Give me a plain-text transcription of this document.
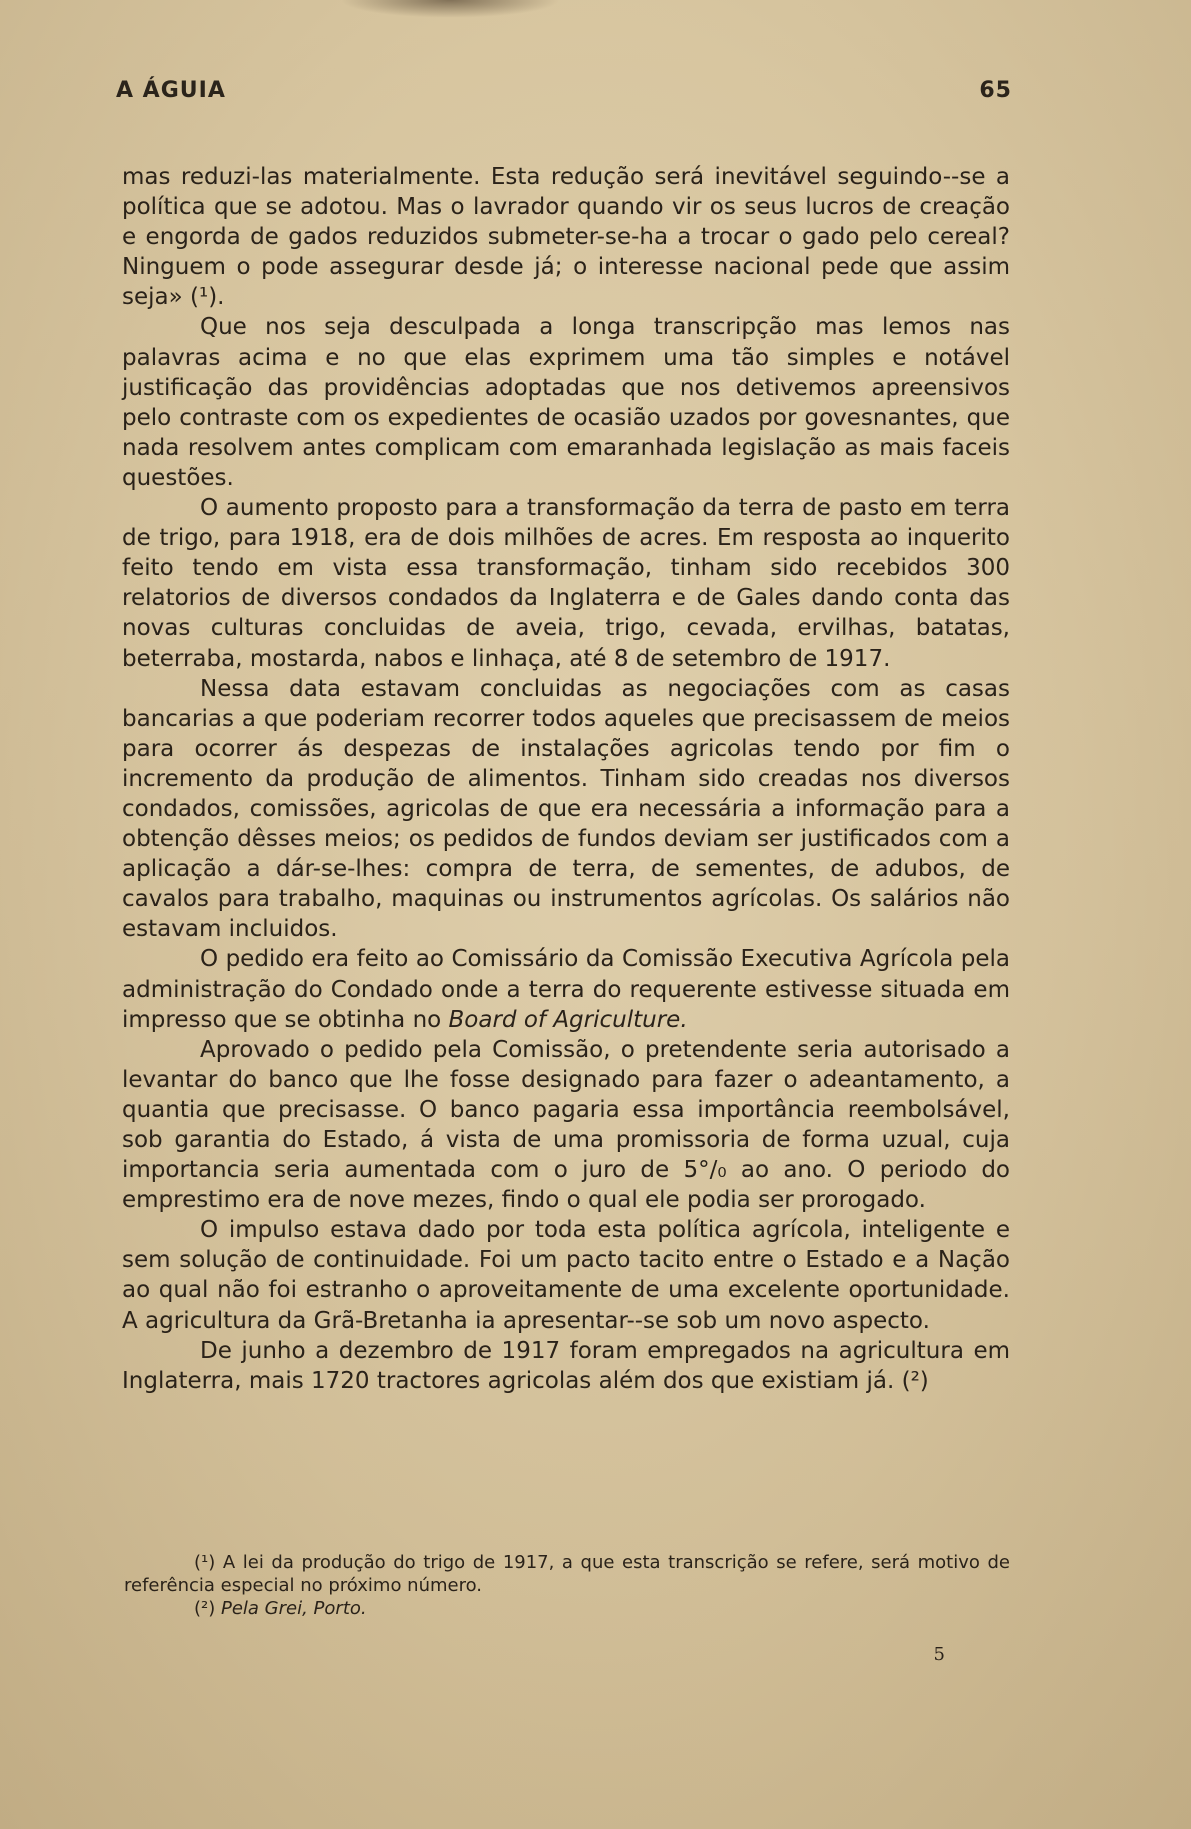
A ÁGUIA	65

mas reduzi-las materialmente. Esta redução será inevitável seguindo--se a política que se adotou. Mas o lavrador quando vir os seus lucros de creação e engorda de gados reduzidos submeter-se-ha a trocar o gado pelo cereal? Ninguem o pode assegurar desde já; o interesse nacional pede que assim seja» (¹).

Que nos seja desculpada a longa transcripção mas lemos nas palavras acima e no que elas exprimem uma tão simples e notável justificação das providências adoptadas que nos detivemos apreensivos pelo contraste com os expedientes de ocasião uzados por govesnantes, que nada resolvem antes complicam com emaranhada legislação as mais faceis questões.

O aumento proposto para a transformação da terra de pasto em terra de trigo, para 1918, era de dois milhões de acres. Em resposta ao inquerito feito tendo em vista essa transformação, tinham sido recebidos 300 relatorios de diversos condados da Inglaterra e de Gales dando conta das novas culturas concluidas de aveia, trigo, cevada, ervilhas, batatas, beterraba, mostarda, nabos e linhaça, até 8 de setembro de 1917.

Nessa data estavam concluidas as negociações com as casas bancarias a que poderiam recorrer todos aqueles que precisassem de meios para ocorrer ás despezas de instalações agricolas tendo por fim o incremento da produção de alimentos. Tinham sido creadas nos diversos condados, comissões, agricolas de que era necessária a informação para a obtenção dêsses meios; os pedidos de fundos deviam ser justificados com a aplicação a dár-se-lhes: compra de terra, de sementes, de adubos, de cavalos para trabalho, maquinas ou instrumentos agrícolas. Os salários não estavam incluidos.

O pedido era feito ao Comissário da Comissão Executiva Agrícola pela administração do Condado onde a terra do requerente estivesse situada em impresso que se obtinha no Board of Agriculture.

Aprovado o pedido pela Comissão, o pretendente seria autorisado a levantar do banco que lhe fosse designado para fazer o adeantamento, a quantia que precisasse. O banco pagaria essa importância reembolsável, sob garantia do Estado, á vista de uma promissoria de forma uzual, cuja importancia seria aumentada com o juro de 5°/₀ ao ano. O periodo do emprestimo era de nove mezes, findo o qual ele podia ser prorogado.

O impulso estava dado por toda esta política agrícola, inteligente e sem solução de continuidade. Foi um pacto tacito entre o Estado e a Nação ao qual não foi estranho o aproveitamente de uma excelente oportunidade. A agricultura da Grã-Bretanha ia apresentar--se sob um novo aspecto.

De junho a dezembro de 1917 foram empregados na agricultura em Inglaterra, mais 1720 tractores agricolas além dos que existiam já. (²)

(¹) A lei da produção do trigo de 1917, a que esta transcrição se refere, será motivo de referência especial no próximo número.

(²) Pela Grei, Porto.

5
